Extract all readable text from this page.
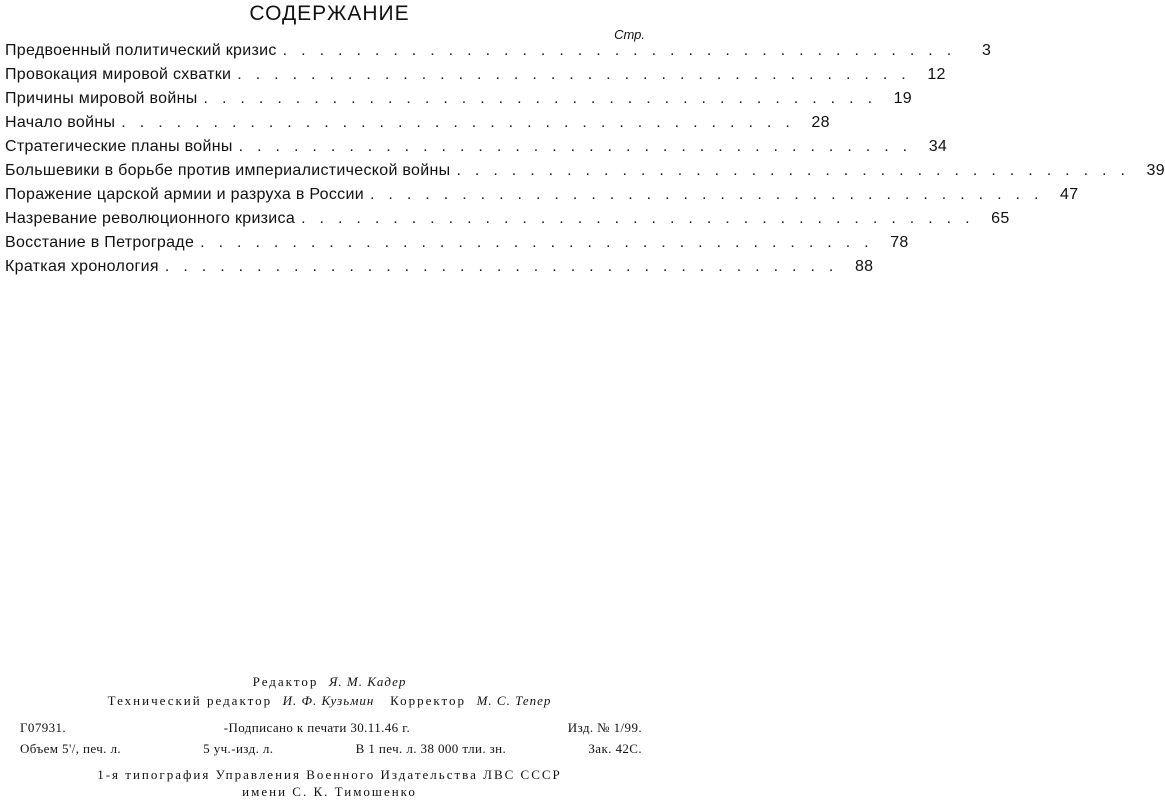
СОДЕРЖАНИЕ
Стр.
Предвоенный политический кризис .....................................	3
Провокация мировой схватки ..................................... 12
Причины мировой войны ..................................... 19
Начало войны ..................................... 28
Стратегические планы войны ..................................... 34
Большевики в борьбе против империалистической войны ..................................... 39
Поражение царской армии и разруха в России ..................................... 47
Назревание революционного кризиса ..................................... 65
Восстание в Петрограде ..................................... 78
Краткая хронология ..................................... 88
Редактор Я. М. Кадер
Технический редактор И. Ф. Кузьмин Корректор М. С. Тепер
Г07931.	-Подписано к печати 30.11.46 г.	Изд. № 1/99.
Объем 5'/, печ. л.	5 уч.-изд. л.	В 1 печ. л. 38 000 тли. зн.	Зак. 42С.
1-я типография Управления Военного Издательства ЛВС СССР
имени С. К. Тимошенко
